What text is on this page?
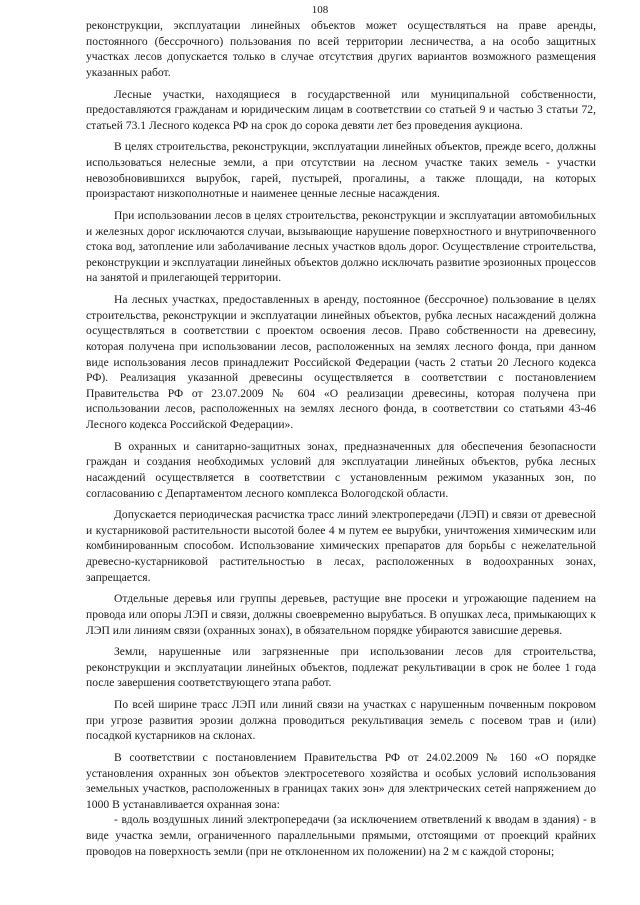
108

реконструкции, эксплуатации линейных объектов может осуществляться на праве аренды, постоянного (бессрочного) пользования по всей территории лесничества, а на особо защитных участках лесов допускается только в случае отсутствия других вариантов возможного размещения указанных работ.

Лесные участки, находящиеся в государственной или муниципальной собственности, предоставляются гражданам и юридическим лицам в соответствии со статьей 9 и частью 3 статьи 72, статьей 73.1 Лесного кодекса РФ на срок до сорока девяти лет без проведения аукциона.

В целях строительства, реконструкции, эксплуатации линейных объектов, прежде всего, должны использоваться нелесные земли, а при отсутствии на лесном участке таких земель - участки невозобновившихся вырубок, гарей, пустырей, прогалины, а также площади, на которых произрастают низкополнотные и наименее ценные лесные насаждения.

При использовании лесов в целях строительства, реконструкции и эксплуатации автомобильных и железных дорог исключаются случаи, вызывающие нарушение поверхностного и внутрипочвенного стока вод, затопление или заболачивание лесных участков вдоль дорог. Осуществление строительства, реконструкции и эксплуатации линейных объектов должно исключать развитие эрозионных процессов на занятой и прилегающей территории.

На лесных участках, предоставленных в аренду, постоянное (бессрочное) пользование в целях строительства, реконструкции и эксплуатации линейных объектов, рубка лесных насаждений должна осуществляться в соответствии с проектом освоения лесов. Право собственности на древесину, которая получена при использовании лесов, расположенных на землях лесного фонда, при данном виде использования лесов принадлежит Российской Федерации (часть 2 статьи 20 Лесного кодекса РФ). Реализация указанной древесины осуществляется в соответствии с постановлением Правительства РФ от 23.07.2009 № 604 «О реализации древесины, которая получена при использовании лесов, расположенных на землях лесного фонда, в соответствии со статьями 43-46 Лесного кодекса Российской Федерации».

В охранных и санитарно-защитных зонах, предназначенных для обеспечения безопасности граждан и создания необходимых условий для эксплуатации линейных объектов, рубка лесных насаждений осуществляется в соответствии с установленным режимом указанных зон, по согласованию с Департаментом лесного комплекса Вологодской области.

Допускается периодическая расчистка трасс линий электропередачи (ЛЭП) и связи от древесной и кустарниковой растительности высотой более 4 м путем ее вырубки, уничтожения химическим или комбинированным способом. Использование химических препаратов для борьбы с нежелательной древесно-кустарниковой растительностью в лесах, расположенных в водоохранных зонах, запрещается.

Отдельные деревья или группы деревьев, растущие вне просеки и угрожающие падением на провода или опоры ЛЭП и связи, должны своевременно вырубаться. В опушках леса, примыкающих к ЛЭП или линиям связи (охранных зонах), в обязательном порядке убираются зависшие деревья.

Земли, нарушенные или загрязненные при использовании лесов для строительства, реконструкции и эксплуатации линейных объектов, подлежат рекультивации в срок не более 1 года после завершения соответствующего этапа работ.

По всей ширине трасс ЛЭП или линий связи на участках с нарушенным почвенным покровом при угрозе развития эрозии должна проводиться рекультивация земель с посевом трав и (или) посадкой кустарников на склонах.

В соответствии с постановлением Правительства РФ от 24.02.2009 № 160 «О порядке установления охранных зон объектов электросетевого хозяйства и особых условий использования земельных участков, расположенных в границах таких зон» для электрических сетей напряжением до 1000 В устанавливается охранная зона:

- вдоль воздушных линий электропередачи (за исключением ответвлений к вводам в здания) - в виде участка земли, ограниченного параллельными прямыми, отстоящими от проекций крайних проводов на поверхность земли (при не отклоненном их положении) на 2 м с каждой стороны;
